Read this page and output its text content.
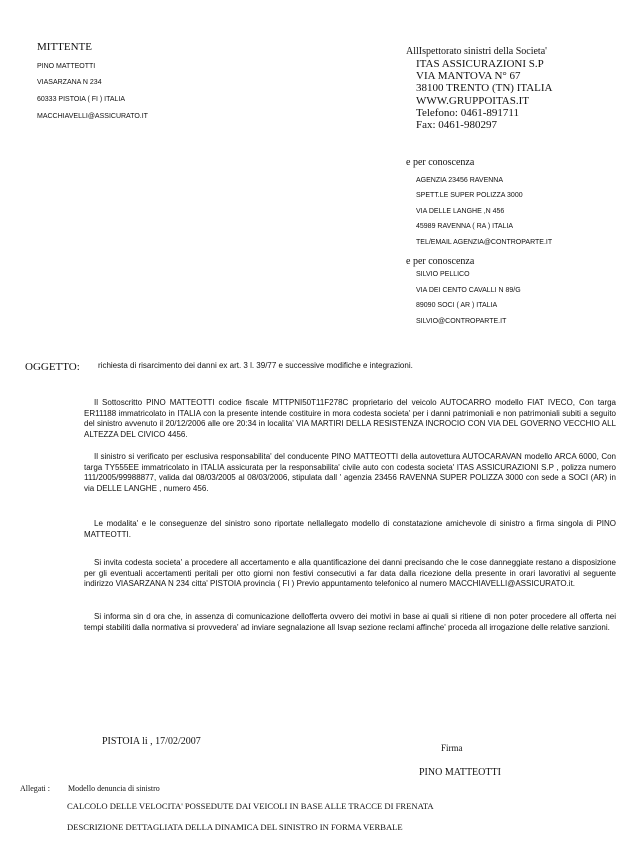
MITTENTE
PINO MATTEOTTI
VIASARZANA N 234
60333 PISTOIA ( FI ) ITALIA
MACCHIAVELLI@ASSICURATO.IT
AllIspettorato sinistri della Societa'
ITAS ASSICURAZIONI S.P
VIA MANTOVA N° 67
38100 TRENTO (TN) ITALIA
WWW.GRUPPOITAS.IT
Telefono: 0461-891711
Fax: 0461-980297
e per conoscenza
AGENZIA 23456 RAVENNA
SPETT.LE SUPER POLIZZA 3000
VIA DELLE LANGHE ,N 456
45989 RAVENNA ( RA ) ITALIA
TEL/EMAIL AGENZIA@CONTROPARTE.IT
e per conoscenza
SILVIO PELLICO
VIA DEI CENTO CAVALLI N 89/G
89090 SOCI ( AR ) ITALIA
SILVIO@CONTROPARTE.IT
OGGETTO: richiesta di risarcimento dei danni ex art. 3 l. 39/77 e successive modifiche e integrazioni.
Il Sottoscritto PINO MATTEOTTI codice fiscale MTTPNI50T11F278C proprietario del veicolo AUTOCARRO modello FIAT IVECO, Con targa ER11188 immatricolato in ITALIA con la presente intende costituire in mora codesta societa' per i danni patrimoniali e non patrimoniali subiti a seguito del sinistro avvenuto il 20/12/2006 alle ore 20:34 in localita' VIA MARTIRI DELLA RESISTENZA INCROCIO CON VIA DEL GOVERNO VECCHIO ALL ALTEZZA DEL CIVICO 4456.
Il sinistro si verificato per esclusiva responsabilita' del conducente PINO MATTEOTTI della autovettura AUTOCARAVAN modello ARCA 6000, Con targa TY555EE immatricolato in ITALIA assicurata per la responsabilita' civile auto con codesta societa' ITAS ASSICURAZIONI S.P , polizza numero 111/2005/99988877, valida dal 08/03/2005 al 08/03/2006, stipulata dall ' agenzia 23456 RAVENNA SUPER POLIZZA 3000 con sede a SOCI (AR) in via DELLE LANGHE , numero 456.
Le modalita' e le conseguenze del sinistro sono riportate nellallegato modello di constatazione amichevole di sinistro a firma singola di PINO MATTEOTTI.
Si invita codesta societa' a procedere all accertamento e alla quantificazione dei danni precisando che le cose danneggiate restano a disposizione per gli eventuali accertamenti peritali per otto giorni non festivi consecutivi a far data dalla ricezione della presente in orari lavorativi al seguente indirizzo VIASARZANA N 234 citta' PISTOIA provincia ( FI ) Previo appuntamento telefonico al numero MACCHIAVELLI@ASSICURATO.it.
Si informa sin d ora che, in assenza di comunicazione dellofferta ovvero dei motivi in base ai quali si ritiene di non poter procedere all offerta nei tempi stabiliti dalla normativa si provvedera' ad inviare segnalazione all Isvap sezione reclami affinche' proceda all irrogazione delle relative sanzioni.
PISTOIA li , 17/02/2007
Firma
PINO MATTEOTTI
Allegati : Modello denuncia di sinistro
CALCOLO DELLE VELOCITA' POSSEDUTE DAI VEICOLI IN BASE ALLE TRACCE DI FRENATA
DESCRIZIONE DETTAGLIATA DELLA DINAMICA DEL SINISTRO IN FORMA VERBALE
